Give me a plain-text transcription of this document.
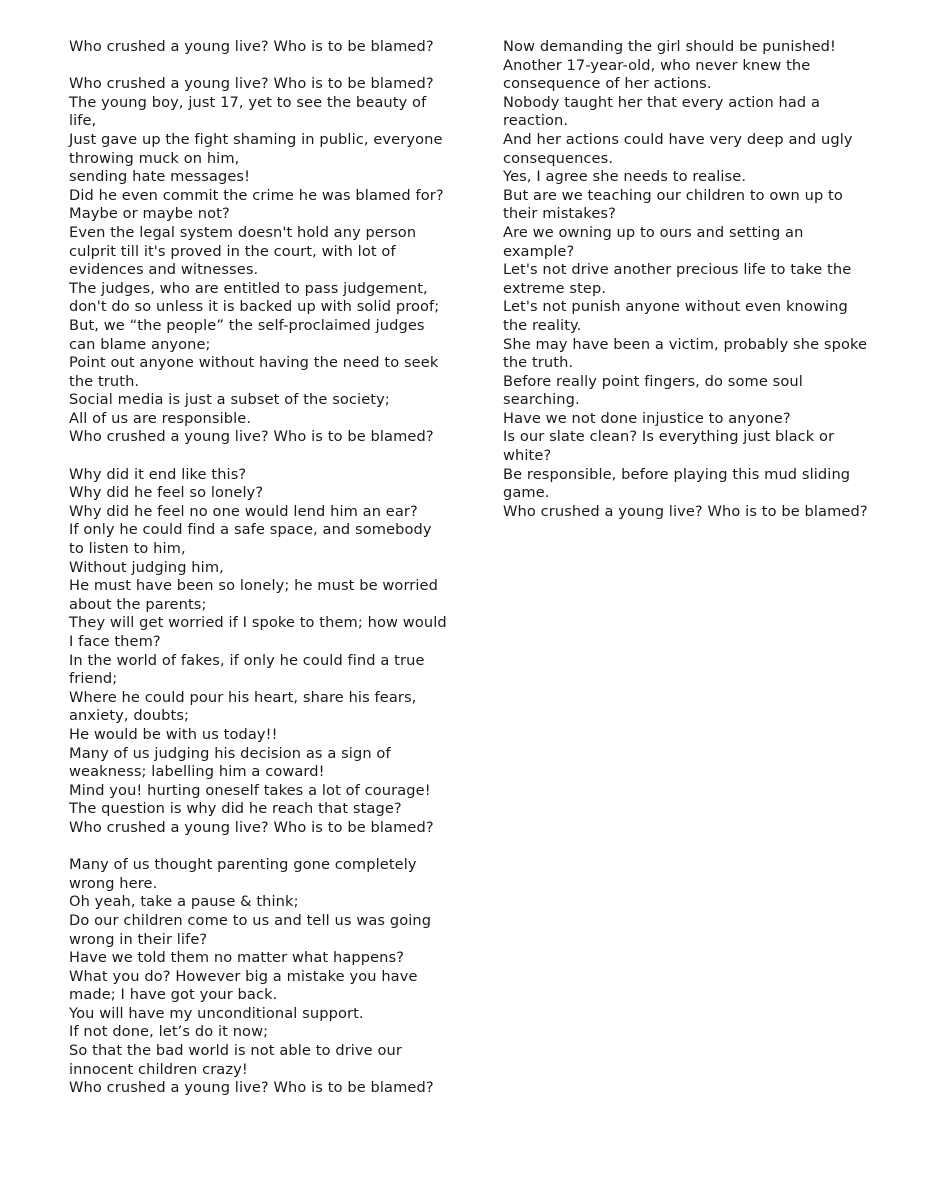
Who crushed a young live? Who is to be blamed?
Who crushed a young live? Who is to be blamed?
The young boy, just 17, yet to see the beauty of life,
Just gave up the fight shaming in public, everyone throwing muck on him,
sending hate messages!
Did he even commit the crime he was blamed for?
Maybe or maybe not?
Even the legal system doesn't hold any person culprit till it's proved in the court, with lot of evidences and witnesses.
The judges, who are entitled to pass judgement, don't do so unless it is backed up with solid proof;
But, we “the people” the self-proclaimed judges can blame anyone;
Point out anyone without having the need to seek the truth.
Social media is just a subset of the society;
All of us are responsible.
Who crushed a young live? Who is to be blamed?
Why did it end like this?
Why did he feel so lonely?
Why did he feel no one would lend him an ear?
If only he could find a safe space, and somebody to listen to him,
Without judging him,
He must have been so lonely; he must be worried about the parents;
They will get worried if I spoke to them; how would I face them?
In the world of fakes, if only he could find a true friend;
Where he could pour his heart, share his fears, anxiety, doubts;
He would be with us today!!
Many of us judging his decision as a sign of weakness; labelling him a coward!
Mind you! hurting oneself takes a lot of courage!
The question is why did he reach that stage?
Who crushed a young live? Who is to be blamed?
Many of us thought parenting gone completely wrong here.
Oh yeah, take a pause & think;
Do our children come to us and tell us was going wrong in their life?
Have we told them no matter what happens?
What you do? However big a mistake you have made; I have got your back.
You will have my unconditional support.
If not done, let’s do it now;
So that the bad world is not able to drive our innocent children crazy!
Who crushed a young live? Who is to be blamed?
Now demanding the girl should be punished!
Another 17-year-old, who never knew the consequence of her actions.
Nobody taught her that every action had a reaction.
And her actions could have very deep and ugly consequences.
Yes, I agree she needs to realise.
But are we teaching our children to own up to their mistakes?
Are we owning up to ours and setting an example?
Let's not drive another precious life to take the extreme step.
Let's not punish anyone without even knowing the reality.
She may have been a victim, probably she spoke the truth.
Before really point fingers, do some soul searching.
Have we not done injustice to anyone?
Is our slate clean? Is everything just black or white?
Be responsible, before playing this mud sliding game.
Who crushed a young live? Who is to be blamed?
